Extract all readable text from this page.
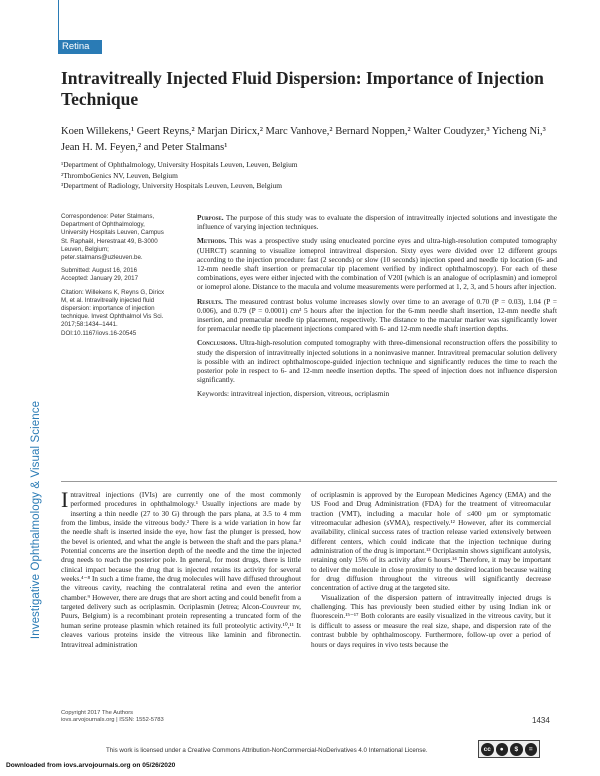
Retina
Investigative Ophthalmology & Visual Science
Intravitreally Injected Fluid Dispersion: Importance of Injection Technique
Koen Willekens,¹ Geert Reyns,² Marjan Diricx,² Marc Vanhove,² Bernard Noppen,² Walter Coudyzer,³ Yicheng Ni,³ Jean H. M. Feyen,² and Peter Stalmans¹
¹Department of Ophthalmology, University Hospitals Leuven, Leuven, Belgium
²ThromboGenics NV, Leuven, Belgium
³Department of Radiology, University Hospitals Leuven, Leuven, Belgium

Correspondence: Peter Stalmans, Department of Ophthalmology, University Hospitals Leuven, Campus St. Raphaël, Herestraat 49, B-3000 Leuven, Belgium; peter.stalmans@uzleuven.be.

Submitted: August 16, 2016
Accepted: January 29, 2017

Citation: Willekens K, Reyns G, Diricx M, et al. Intravitreally injected fluid dispersion: importance of injection technique. Invest Ophthalmol Vis Sci. 2017;58:1434–1441. DOI:10.1167/iovs.16-20545

Purpose. The purpose of this study was to evaluate the dispersion of intravitreally injected solutions and investigate the influence of varying injection techniques.

Methods. This was a prospective study using enucleated porcine eyes and ultra-high-resolution computed tomography (UHRCT) scanning to visualize iomeprol intravitreal dispersion. Sixty eyes were divided over 12 different groups according to the injection procedure: fast (2 seconds) or slow (10 seconds) injection speed and needle tip location (6- and 12-mm needle shaft insertion or premacular tip placement verified by indirect ophthalmoscopy). For each of these combinations, eyes were either injected with the combination of V20I (which is an analogue of ocriplasmin) and iomeprol or iomeprol alone. Distance to the macula and volume measurements were performed at 1, 2, 3, and 5 hours after injection.

Results. The measured contrast bolus volume increases slowly over time to an average of 0.70 (P = 0.03), 1.04 (P = 0.006), and 0.79 (P = 0.0001) cm³ 5 hours after the injection for the 6-mm needle shaft insertion, 12-mm needle shaft insertion, and premacular needle tip placement, respectively. The distance to the macular marker was significantly lower for premacular needle tip placement injections compared with 6- and 12-mm needle shaft insertion depths.

Conclusions. Ultra-high-resolution computed tomography with three-dimensional reconstruction offers the possibility to study the dispersion of intravitreally injected solutions in a noninvasive manner. Intravitreal premacular solution delivery is possible with an indirect ophthalmoscope-guided injection technique and significantly reduces the time to reach the posterior pole in respect to 6- and 12-mm needle insertion depths. The speed of injection does not influence dispersion significantly.

Keywords: intravitreal injection, dispersion, vitreous, ocriplasmin

Intravitreal injections (IVIs) are currently one of the most commonly performed procedures in ophthalmology.¹ Usually injections are made by inserting a thin needle (27 to 30 G) through the pars plana, at 3.5 to 4 mm from the limbus, inside the vitreous body.² There is a wide variation in how far the needle shaft is inserted inside the eye, how fast the plunger is pressed, how the bevel is oriented, and what the angle is between the shaft and the pars plana.³ Potential concerns are the insertion depth of the needle and the time the injected drug needs to reach the posterior pole. In general, for most drugs, there is little clinical impact because the drug that is injected retains its activity for several weeks.⁴⁻⁸ In such a time frame, the drug molecules will have diffused throughout the vitreous cavity, reaching the contralateral retina and even the anterior chamber.⁹ However, there are drugs that are short acting and could benefit from a targeted delivery such as ocriplasmin. Ocriplasmin (Jetrea; Alcon-Couvreur nv, Puurs, Belgium) is a recombinant protein representing a truncated form of the human serine protease plasmin which retained its full proteolytic activity.¹⁰,¹¹ It cleaves various proteins inside the vitreous like laminin and fibronectin. Intravitreal administration

of ocriplasmin is approved by the European Medicines Agency (EMA) and the US Food and Drug Administration (FDA) for the treatment of vitreomacular traction (VMT), including a macular hole of ≤400 μm or symptomatic vitreomacular adhesion (sVMA), respectively.¹² However, after its commercial availability, clinical success rates of traction release varied extensively between different centers, which could indicate that the injection technique during administration of the drug is important.¹³ Ocriplasmin shows significant autolysis, retaining only 15% of its activity after 6 hours.¹⁴ Therefore, it may be important to deliver the molecule in close proximity to the desired location because waiting for drug diffusion throughout the vitreous will significantly decrease concentration of active drug at the targeted site.

Visualization of the dispersion pattern of intravitreally injected drugs is challenging. This has previously been studied either by using Indian ink or fluorescein.¹⁵⁻¹⁷ Both colorants are easily visualized in the vitreous cavity, but it is difficult to assess or measure the real size, shape, and dispersion rate of the contrast bubble by ophthalmoscopy. Furthermore, follow-up over a period of hours or days requires in vivo tests because the

Copyright 2017 The Authors
iovs.arvojournals.org | ISSN: 1552-5783	1434
This work is licensed under a Creative Commons Attribution-NonCommercial-NoDerivatives 4.0 International License.	cc	●	$	=
Downloaded from iovs.arvojournals.org on 05/26/2020
